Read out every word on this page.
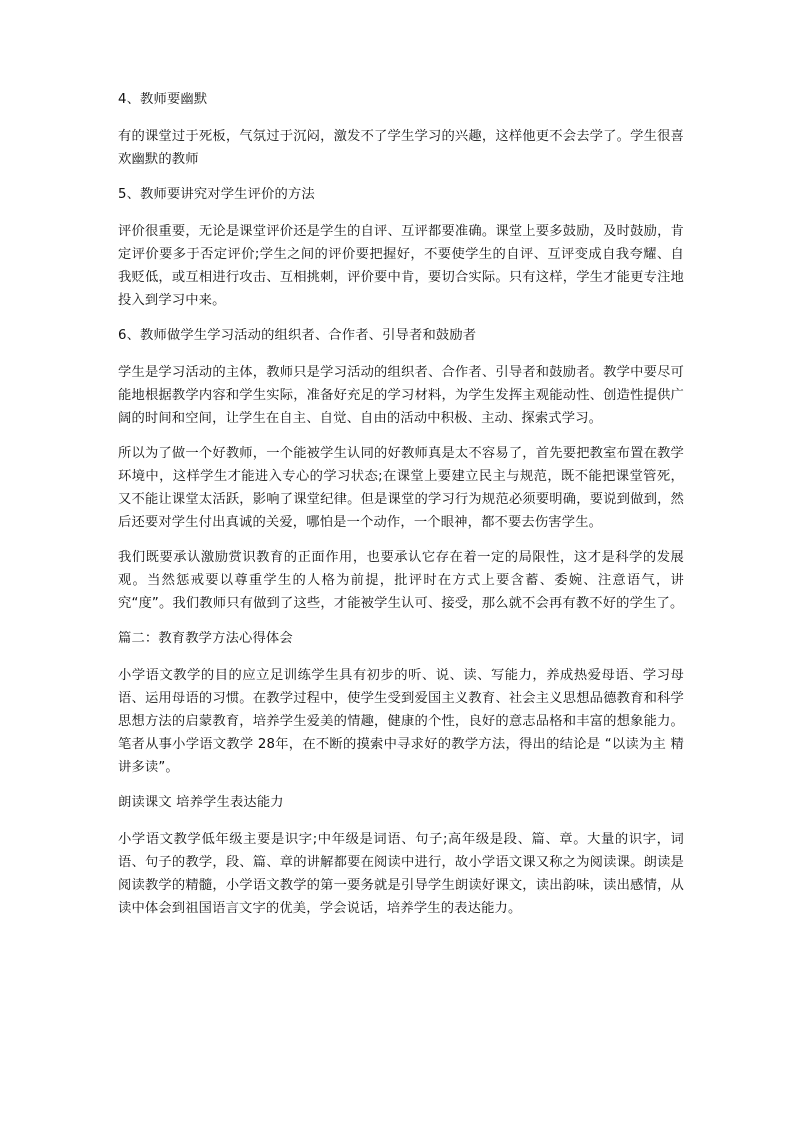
4、教师要幽默

有的课堂过于死板，气氛过于沉闷，激发不了学生学习的兴趣，这样他更不会去学了。学生很喜欢幽默的教师

5、教师要讲究对学生评价的方法

评价很重要，无论是课堂评价还是学生的自评、互评都要准确。课堂上要多鼓励，及时鼓励，肯定评价要多于否定评价;学生之间的评价要把握好，不要使学生的自评、互评变成自我夸耀、自我贬低，或互相进行攻击、互相挑刺，评价要中肯，要切合实际。只有这样，学生才能更专注地投入到学习中来。

6、教师做学生学习活动的组织者、合作者、引导者和鼓励者

学生是学习活动的主体，教师只是学习活动的组织者、合作者、引导者和鼓励者。教学中要尽可能地根据教学内容和学生实际，准备好充足的学习材料，为学生发挥主观能动性、创造性提供广阔的时间和空间，让学生在自主、自觉、自由的活动中积极、主动、探索式学习。

所以为了做一个好教师，一个能被学生认同的好教师真是太不容易了，首先要把教室布置在教学环境中，这样学生才能进入专心的学习状态;在课堂上要建立民主与规范，既不能把课堂管死，又不能让课堂太活跃，影响了课堂纪律。但是课堂的学习行为规范必须要明确，要说到做到，然后还要对学生付出真诚的关爱，哪怕是一个动作，一个眼神，都不要去伤害学生。

我们既要承认激励赏识教育的正面作用，也要承认它存在着一定的局限性，这才是科学的发展观。当然惩戒要以尊重学生的人格为前提，批评时在方式上要含蓄、委婉、注意语气，讲究“度”。我们教师只有做到了这些，才能被学生认可、接受，那么就不会再有教不好的学生了。

篇二：教育教学方法心得体会

小学语文教学的目的应立足训练学生具有初步的听、说、读、写能力，养成热爱母语、学习母语、运用母语的习惯。在教学过程中，使学生受到爱国主义教育、社会主义思想品德教育和科学思想方法的启蒙教育，培养学生爱美的情趣，健康的个性，良好的意志品格和丰富的想象能力。笔者从事小学语文教学 28年，在不断的摸索中寻求好的教学方法，得出的结论是 “以读为主 精讲多读”。

朗读课文 培养学生表达能力

小学语文教学低年级主要是识字;中年级是词语、句子;高年级是段、篇、章。大量的识字，词语、句子的教学，段、篇、章的讲解都要在阅读中进行，故小学语文课又称之为阅读课。朗读是阅读教学的精髓，小学语文教学的第一要务就是引导学生朗读好课文，读出韵味，读出感情，从读中体会到祖国语言文字的优美，学会说话，培养学生的表达能力。
